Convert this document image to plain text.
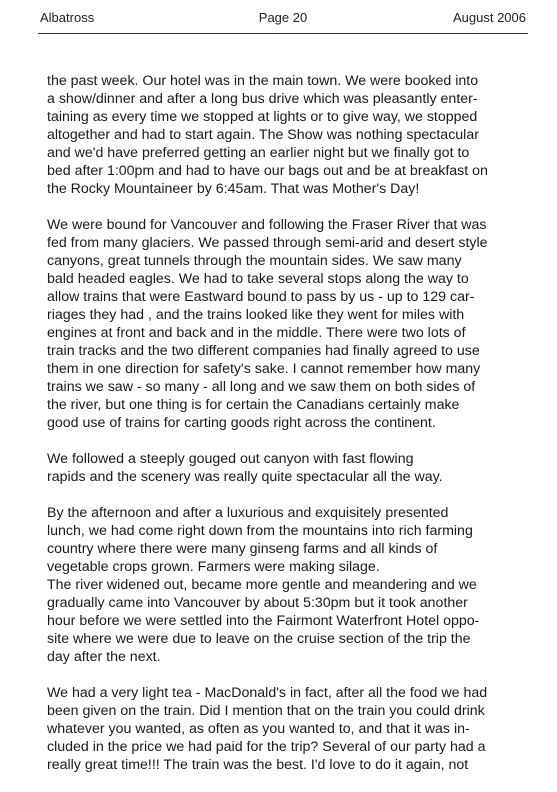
Albatross	Page 20	August 2006

the past week. Our hotel was in the main town. We were booked into
a show/dinner and after a long bus drive which was pleasantly enter-
taining as every time we stopped at lights or to give way, we stopped
altogether and had to start again. The Show was nothing spectacular
and we'd have preferred getting an earlier night but we finally got to
bed after 1:00pm and had to have our bags out and be at breakfast on
the Rocky Mountaineer by 6:45am. That was Mother's Day!

We were bound for Vancouver and following the Fraser River that was
fed from many glaciers. We passed through semi-arid and desert style
canyons, great tunnels through the mountain sides. We saw many
bald headed eagles. We had to take several stops along the way to
allow trains that were Eastward bound to pass by us - up to 129 car-
riages they had , and the trains looked like they went for miles with
engines at front and back and in the middle. There were two lots of
train tracks and the two different companies had finally agreed to use
them in one direction for safety's sake. I cannot remember how many
trains we saw - so many - all long and we saw them on both sides of
the river, but one thing is for certain the Canadians certainly make
good use of trains for carting goods right across the continent.

We followed a steeply gouged out canyon with fast flowing
rapids and the scenery was really quite spectacular all the way.

By the afternoon and after a luxurious and exquisitely presented
lunch, we had come right down from the mountains into rich farming
country where there were many ginseng farms and all kinds of
vegetable crops grown. Farmers were making silage.

The river widened out, became more gentle and meandering and we
gradually came into Vancouver by about 5:30pm but it took another
hour before we were settled into the Fairmont Waterfront Hotel oppo-
site where we were due to leave on the cruise section of the trip the
day after the next.

We had a very light tea - MacDonald's in fact, after all the food we had
been given on the train. Did I mention that on the train you could drink
whatever you wanted, as often as you wanted to, and that it was in-
cluded in the price we had paid for the trip? Several of our party had a
really great time!!! The train was the best. I'd love to do it again, not
